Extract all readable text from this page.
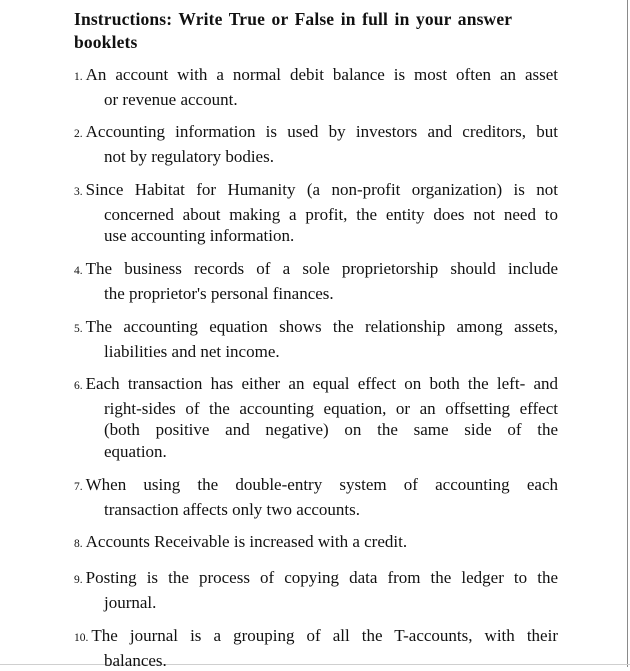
Instructions: Write True or False in full in your answer booklets

1. An account with a normal debit balance is most often an asset
or revenue account.
2. Accounting information is used by investors and creditors, but
not by regulatory bodies.
3. Since Habitat for Humanity (a non-profit organization) is not
concerned about making a profit, the entity does not need to
use accounting information.
4. The business records of a sole proprietorship should include
the proprietor's personal finances.
5. The accounting equation shows the relationship among assets,
liabilities and net income.
6. Each transaction has either an equal effect on both the left- and
right-sides of the accounting equation, or an offsetting effect
(both positive and negative) on the same side of the
equation.
7. When using the double-entry system of accounting each
transaction affects only two accounts.
8. Accounts Receivable is increased with a credit.
9. Posting is the process of copying data from the ledger to the
journal.
10. The journal is a grouping of all the T-accounts, with their
balances.
